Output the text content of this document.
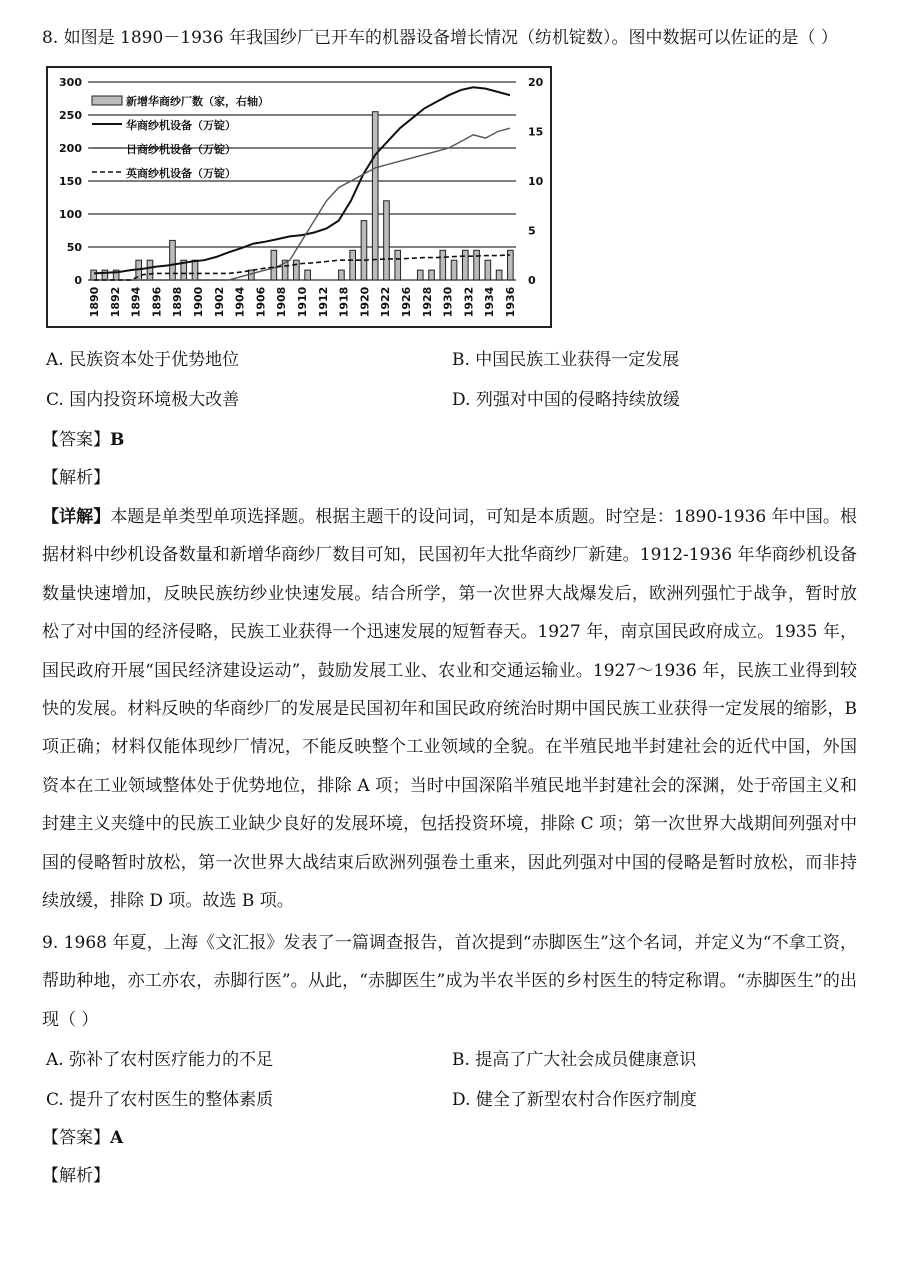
8. 如图是 1890－1936 年我国纱厂已开车的机器设备增长情况（纺机锭数）。图中数据可以佐证的是（ ）
0
50
100
150
200
250
300
0
5
10
15
20
1890 1892 1894 1896 1898 1900 1902 1904 1906 1908 1910 1912 1918 1920 1922 1926 1928 1930 1932 1934 1936
新增华商纱厂数（家，右轴）
华商纱机设备（万锭）
日商纱机设备（万锭）
英商纱机设备（万锭）
A. 民族资本处于优势地位	B. 中国民族工业获得一定发展
C. 国内投资环境极大改善	D. 列强对中国的侵略持续放缓
【答案】B
【解析】
【详解】本题是单类型单项选择题。根据主题干的设问词，可知是本质题。时空是：1890-1936 年中国。根据材料中纱机设备数量和新增华商纱厂数目可知，民国初年大批华商纱厂新建。1912-1936 年华商纱机设备数量快速增加，反映民族纺纱业快速发展。结合所学，第一次世界大战爆发后，欧洲列强忙于战争，暂时放松了对中国的经济侵略，民族工业获得一个迅速发展的短暂春天。1927 年，南京国民政府成立。1935 年，国民政府开展“国民经济建设运动”，鼓励发展工业、农业和交通运输业。1927～1936 年，民族工业得到较快的发展。材料反映的华商纱厂的发展是民国初年和国民政府统治时期中国民族工业获得一定发展的缩影，B 项正确；材料仅能体现纱厂情况，不能反映整个工业领域的全貌。在半殖民地半封建社会的近代中国，外国资本在工业领域整体处于优势地位，排除 A 项；当时中国深陷半殖民地半封建社会的深渊，处于帝国主义和封建主义夹缝中的民族工业缺少良好的发展环境，包括投资环境，排除 C 项；第一次世界大战期间列强对中国的侵略暂时放松，第一次世界大战结束后欧洲列强卷土重来，因此列强对中国的侵略是暂时放松，而非持续放缓，排除 D 项。故选 B 项。
9. 1968 年夏，上海《文汇报》发表了一篇调查报告，首次提到“赤脚医生”这个名词，并定义为“不拿工资，帮助种地，亦工亦农，赤脚行医”。从此，“赤脚医生”成为半农半医的乡村医生的特定称谓。“赤脚医生”的出现（ ）
A. 弥补了农村医疗能力的不足	B. 提高了广大社会成员健康意识
C. 提升了农村医生的整体素质	D. 健全了新型农村合作医疗制度
【答案】A
【解析】
